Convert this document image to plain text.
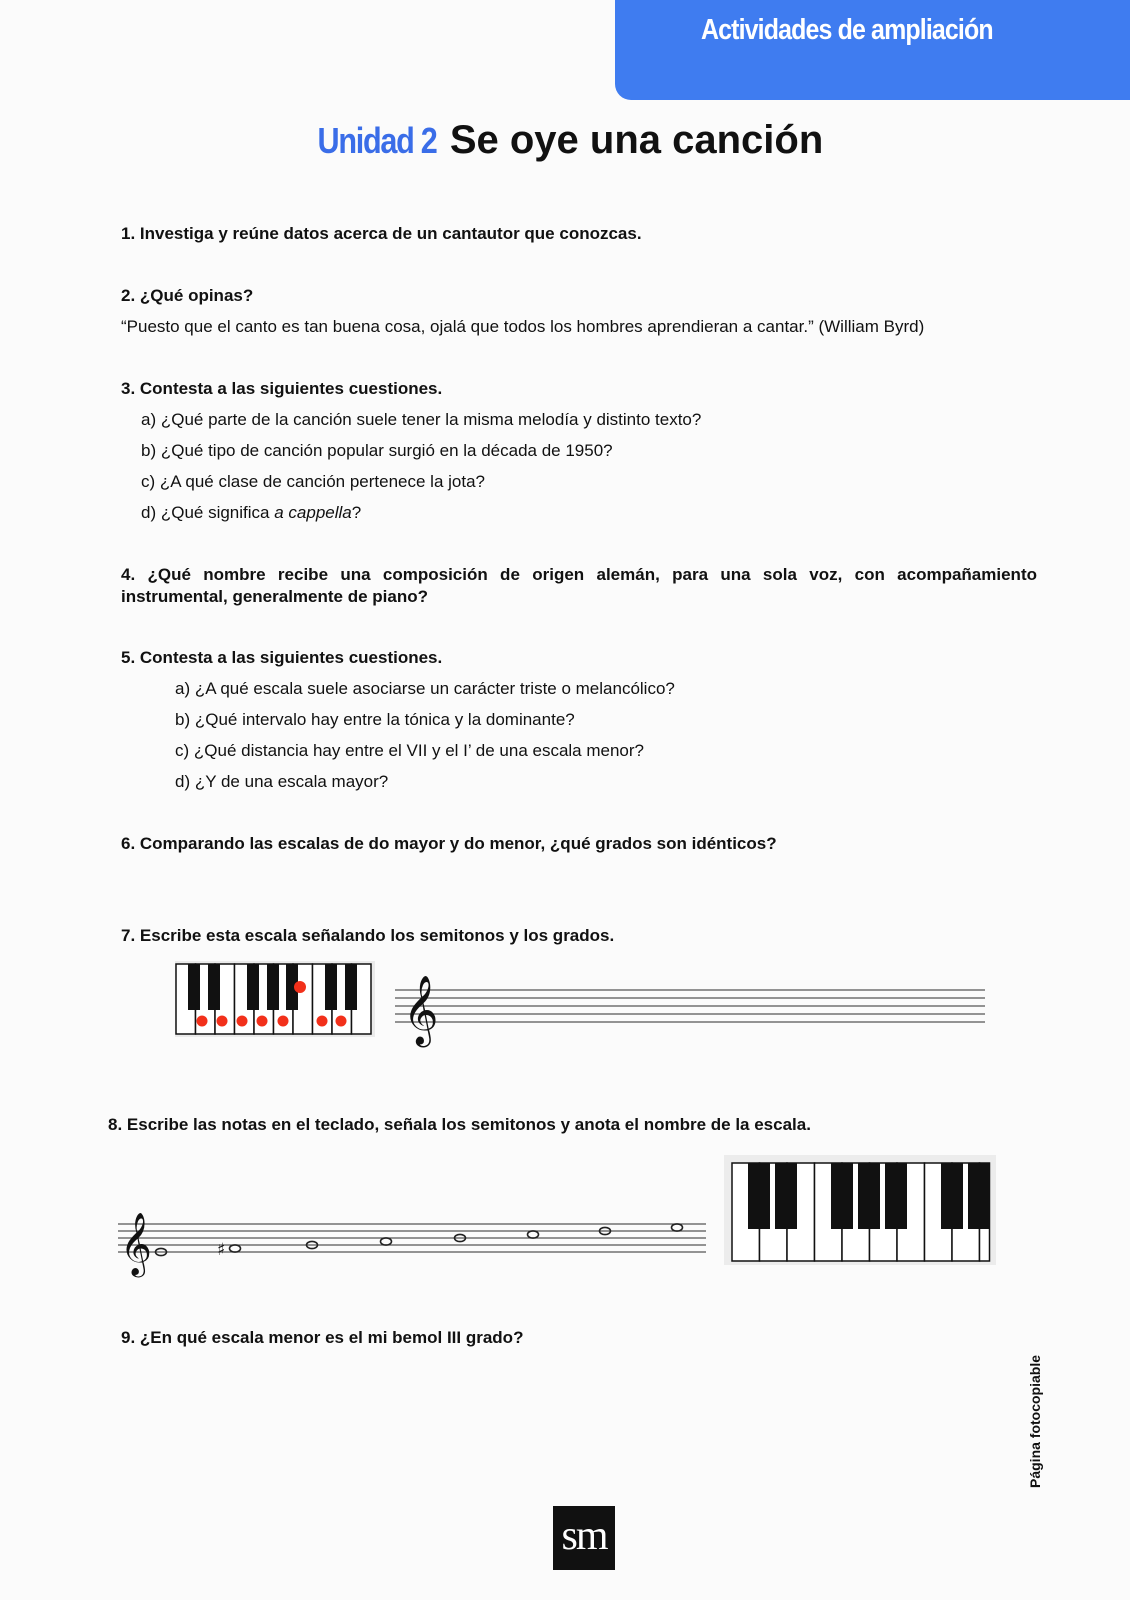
Actividades de ampliación
Unidad 2 Se oye una canción
1. Investiga y reúne datos acerca de un cantautor que conozcas.
2. ¿Qué opinas?
“Puesto que el canto es tan buena cosa, ojalá que todos los hombres aprendieran a cantar.” (William Byrd)
3. Contesta a las siguientes cuestiones.
a) ¿Qué parte de la canción suele tener la misma melodía y distinto texto?
b) ¿Qué tipo de canción popular surgió en la década de 1950?
c) ¿A qué clase de canción pertenece la jota?
d) ¿Qué significa a cappella?
4. ¿Qué nombre recibe una composición de origen alemán, para una sola voz, con acompañamiento instrumental, generalmente de piano?
5. Contesta a las siguientes cuestiones.
a) ¿A qué escala suele asociarse un carácter triste o melancólico?
b) ¿Qué intervalo hay entre la tónica y la dominante?
c) ¿Qué distancia hay entre el VII y el I’ de una escala menor?
d) ¿Y de una escala mayor?
6. Comparando las escalas de do mayor y do menor, ¿qué grados son idénticos?
7. Escribe esta escala señalando los semitonos y los grados.
𝄞
8. Escribe las notas en el teclado, señala los semitonos y anota el nombre de la escala.
𝄞	♯
9. ¿En qué escala menor es el mi bemol III grado?
Página fotocopiable
sm
